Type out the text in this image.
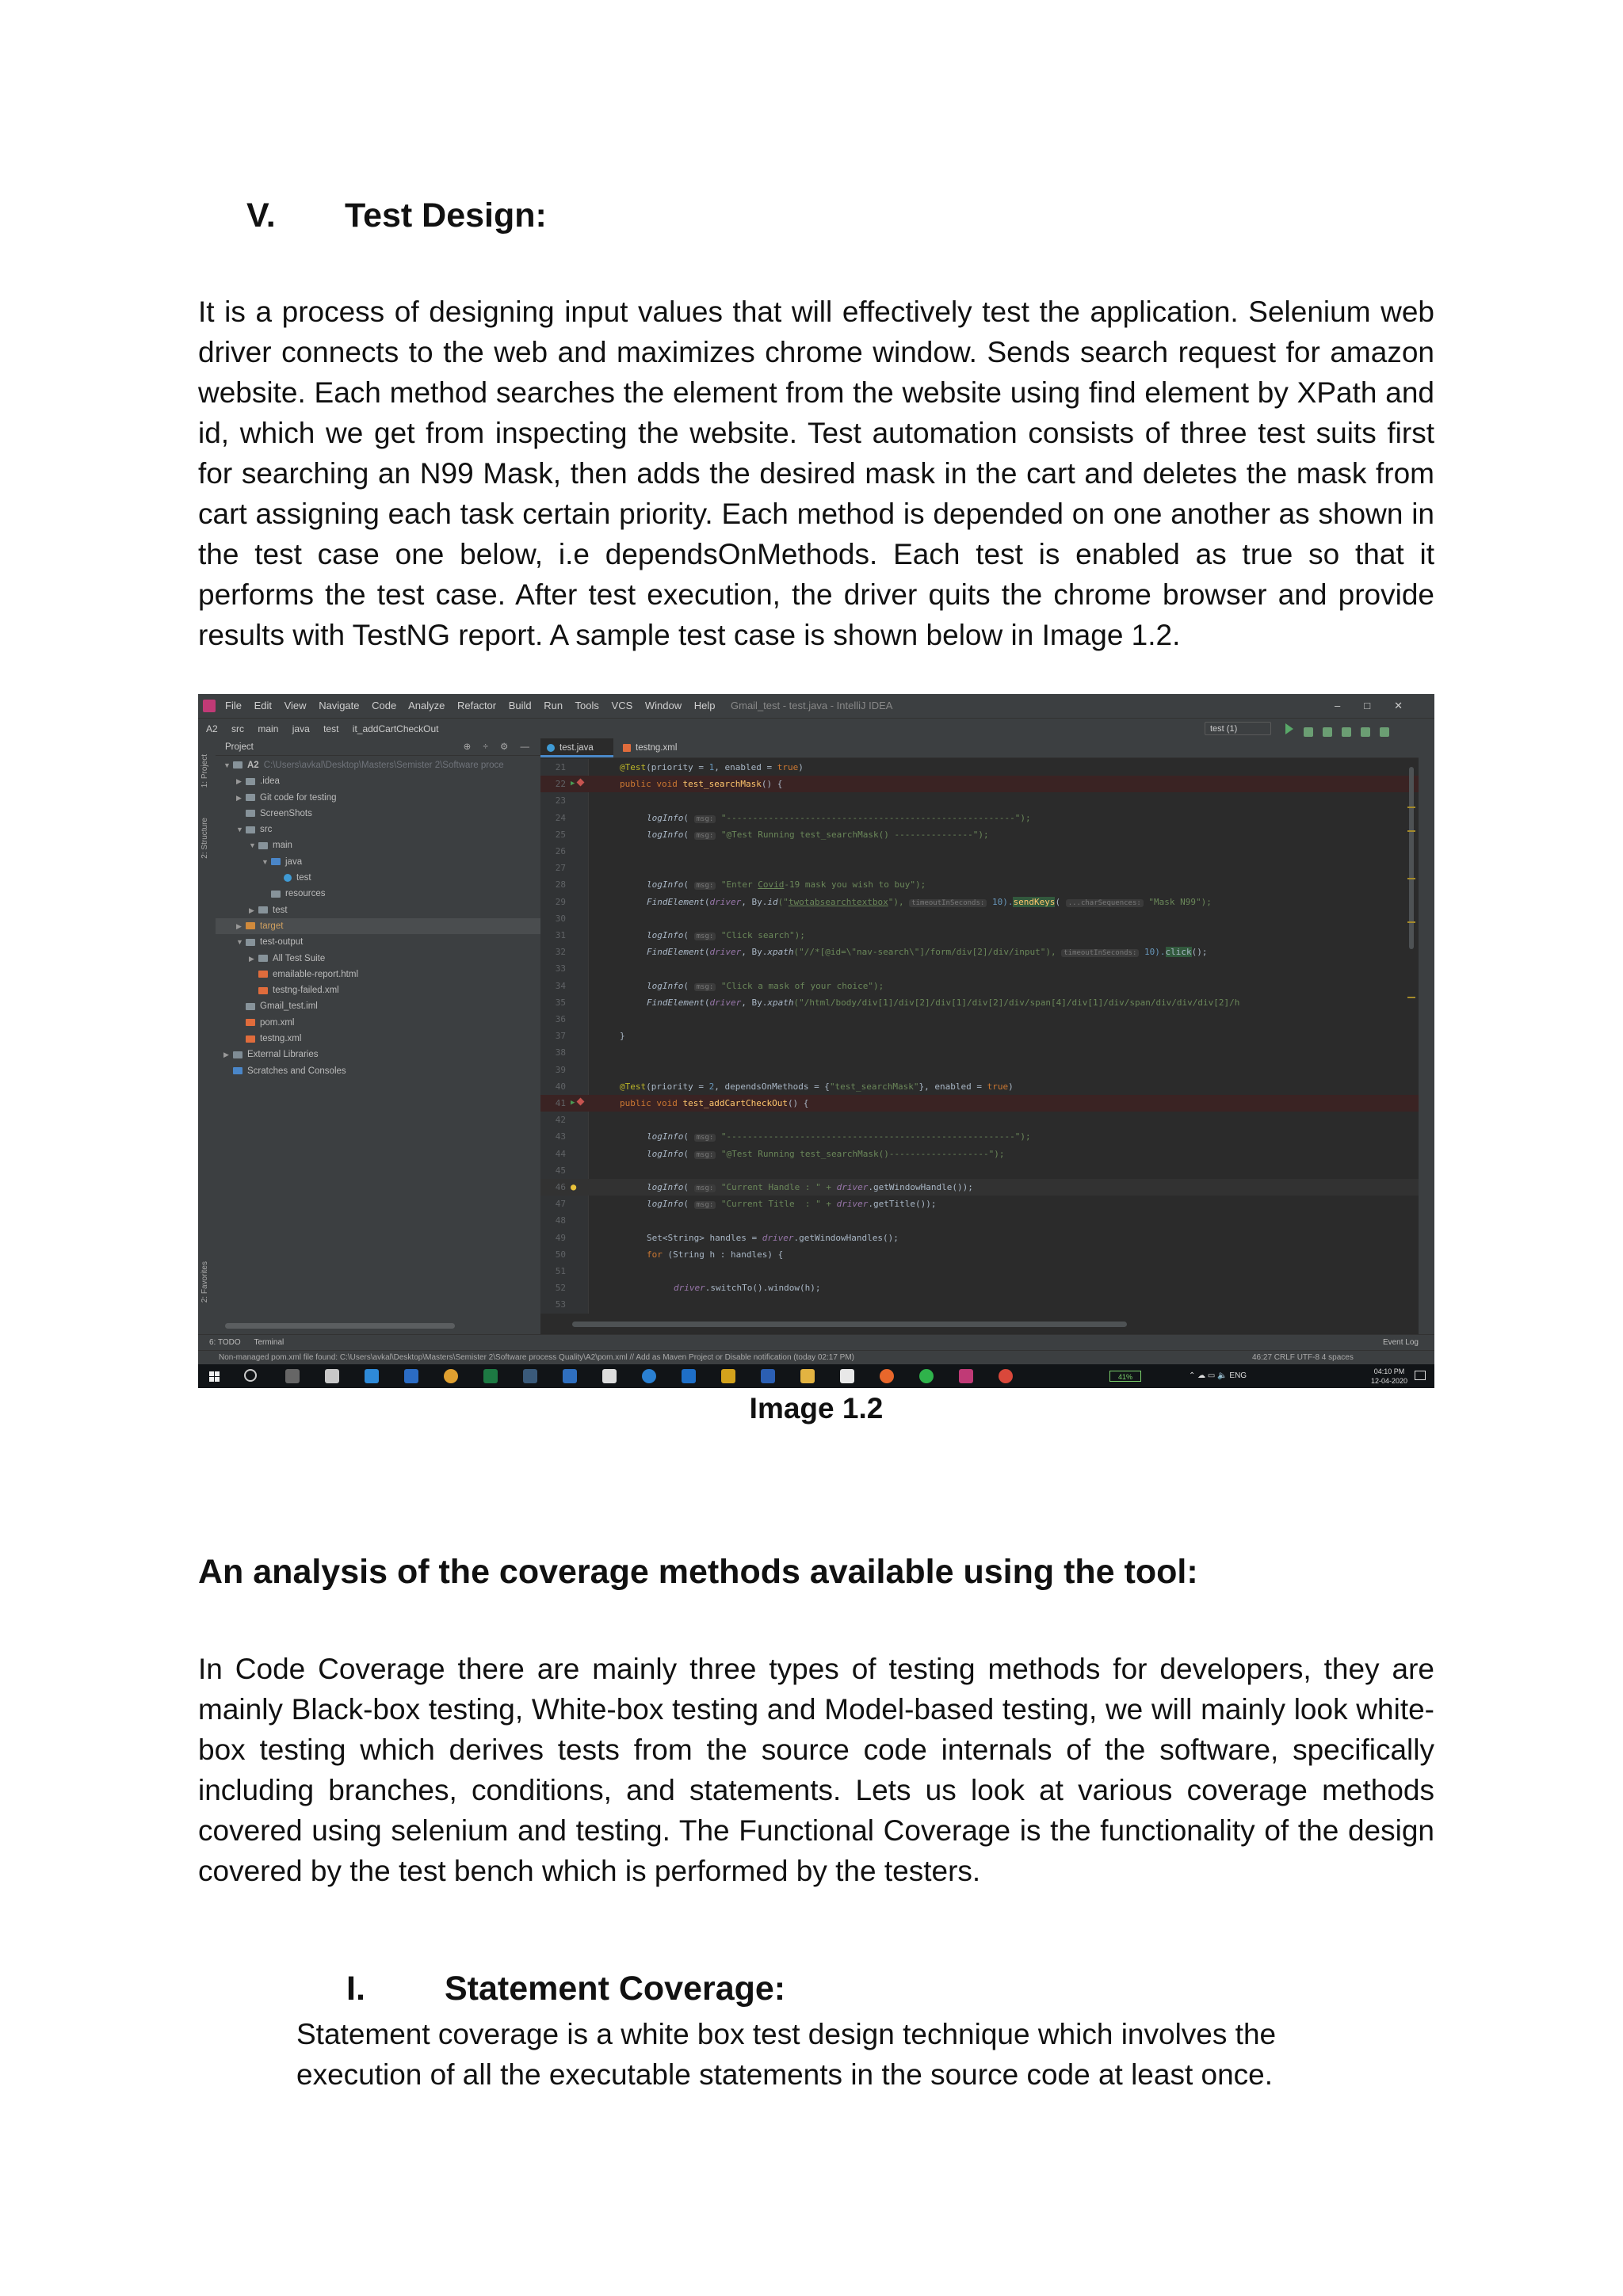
V. Test Design:
It is a process of designing input values that will effectively test the application. Selenium web driver connects to the web and maximizes chrome window. Sends search request for amazon website. Each method searches the element from the website using find element by XPath and id, which we get from inspecting the website. Test automation consists of three test suits first for searching an N99 Mask, then adds the desired mask in the cart and deletes the mask from cart assigning each task certain priority. Each method is depended on one another as shown in the test case one below, i.e dependsOnMethods. Each test is enabled as true so that it performs the test case. After test execution, the driver quits the chrome browser and provide results with TestNG report. A sample test case is shown below in Image 1.2.
File Edit View Navigate Code Analyze Refactor Build Run Tools VCS Window Help	Gmail_test - test.java - IntelliJ IDEA	–□✕
A2 src main java test it_addCartCheckOut	test (1)
1: Project
2: Structure
2: Favorites
Project	⊕ ÷ ⚙ —
▼ A2 C:\Users\avkal\Desktop\Masters\Semister 2\Software proce
▶ .idea
▶ Git code for testing
ScreenShots
▼ src
▼ main
▼ java
test
resources
▶ test
▶ target
▼ test-output
▶ All Test Suite
emailable-report.html
testng-failed.xml
Gmail_test.iml
pom.xml
testng.xml
▶ External Libraries
Scratches and Consoles
test.java	testng.xml
21	@Test(priority = 1, enabled = true)
22 ▶	public void test_searchMask() {
23
24	logInfo( msg: "-------------------------------------------------------");
25	logInfo( msg: "@Test Running test_searchMask() ---------------");
26
27
28	logInfo( msg: "Enter Covid-19 mask you wish to buy");
29	FindElement(driver, By.id("twotabsearchtextbox"), timeoutInSeconds: 10).sendKeys( ...charSequences: "Mask N99");
30
31	logInfo( msg: "Click search");
32	FindElement(driver, By.xpath("//*[@id=\"nav-search\"]/form/div[2]/div/input"), timeoutInSeconds: 10).click();
33
34	logInfo( msg: "Click a mask of your choice");
35	FindElement(driver, By.xpath("/html/body/div[1]/div[2]/div[1]/div[2]/div/span[4]/div[1]/div/span/div/div/div[2]/h
36
37	}
38
39
40	@Test(priority = 2, dependsOnMethods = {"test_searchMask"}, enabled = true)
41 ▶	public void test_addCartCheckOut() {
42
43	logInfo( msg: "-------------------------------------------------------");
44	logInfo( msg: "@Test Running test_searchMask()-------------------");
45
46 ●	logInfo( msg: "Current Handle : " + driver.getWindowHandle());
47	logInfo( msg: "Current Title  : " + driver.getTitle());
48
49	Set<String> handles = driver.getWindowHandles();
50	for (String h : handles) {
51
52	driver.switchTo().window(h);
53
6: TODO Terminal	Event Log
Non-managed pom.xml file found: C:\Users\avkal\Desktop\Masters\Semister 2\Software process Quality\A2\pom.xml // Add as Maven Project or Disable notification (today 02:17 PM)	46:27 CRLF UTF-8 4 spaces
41%	⌃ ☁ ▭ 🔈 ENG	04:10 PM
12-04-2020
Image 1.2
An analysis of the coverage methods available using the tool:
In Code Coverage there are mainly three types of testing methods for developers, they are mainly Black-box testing, White-box testing and Model-based testing, we will mainly look white-box testing which derives tests from the source code internals of the software, specifically including branches, conditions, and statements. Lets us look at various coverage methods covered using selenium and testing. The Functional Coverage is the functionality of the design covered by the test bench which is performed by the testers.
I. Statement Coverage:
Statement coverage is a white box test design technique which involves the execution of all the executable statements in the source code at least once.
